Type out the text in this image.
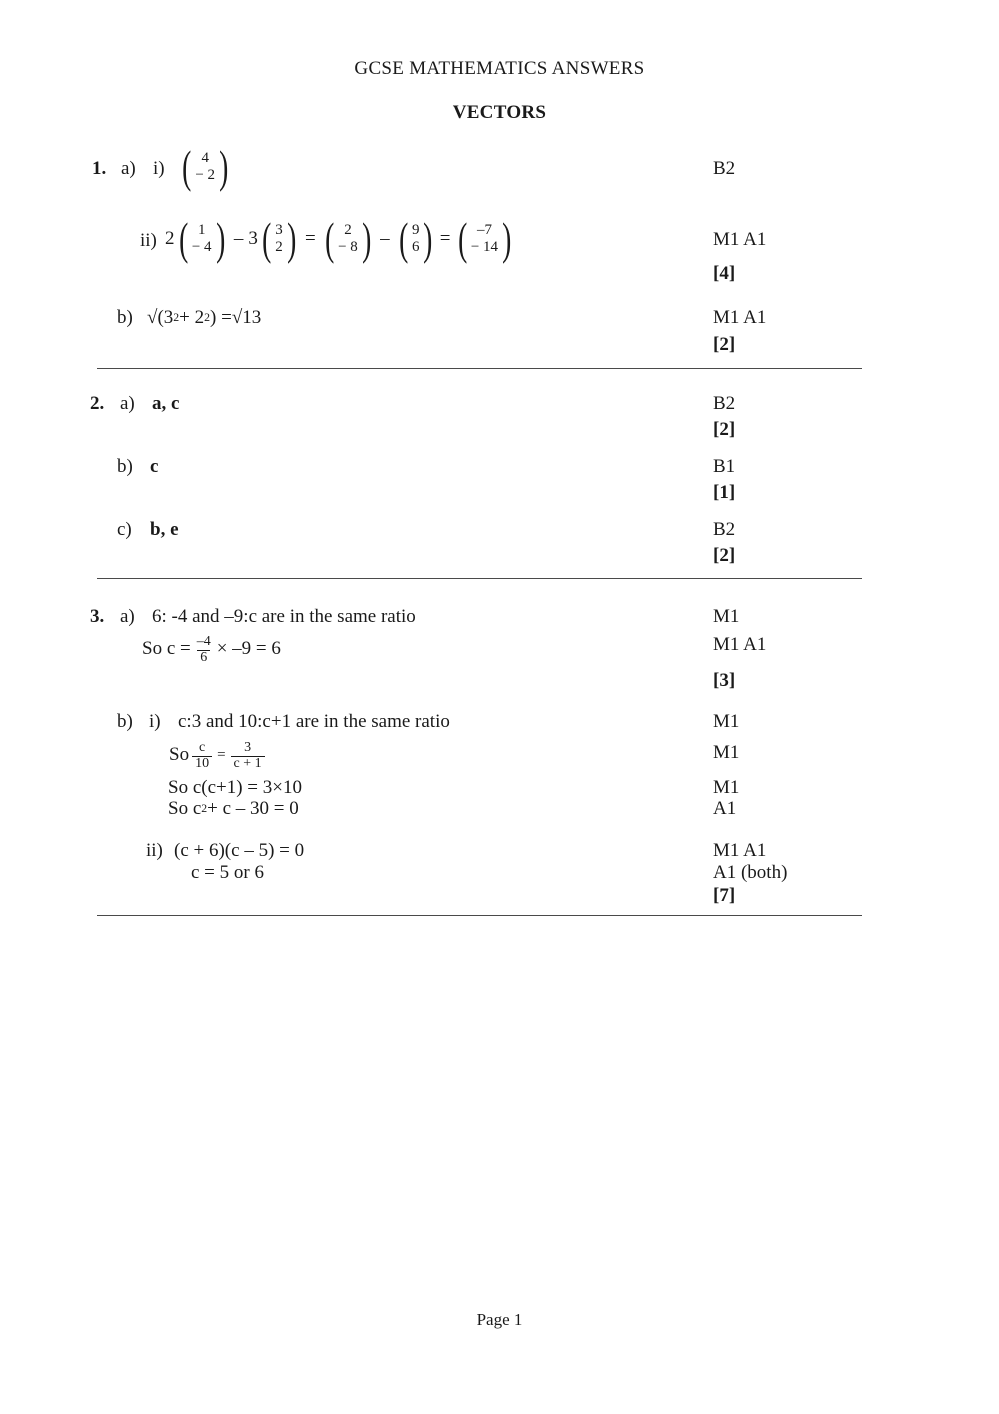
GCSE MATHEMATICS ANSWERS
VECTORS
1. a) i) ( 4
− 2 )	B2
ii) 2 ( 1
− 4 ) – 3 ( 3
2 ) = ( 2
− 8 ) – ( 9
6 ) = ( –7
− 14 )	M1 A1
[4]
b) √ (3 2 + 2 2 ) = √13	M1 A1
[2]
2. a) a, c	B2
[2]
b) c	B1
[1]
c) b, e	B2
[2]
3. a) 6: -4 and –9:c are in the same ratio	M1
So $c = \frac{-4}{6} \times -9 = 6$	M1 A1
[3]
b) i) c:3 and 10:c+1 are in the same ratio	M1
So $\frac{c}{10} = \frac{3}{c + 1}$	M1
So c(c+1) = 3×10	M1
So c 2 + c – 30 = 0	A1
ii) (c + 6)(c – 5) = 0	M1 A1
c = 5 or 6	A1 (both)
[7]
Page 1
